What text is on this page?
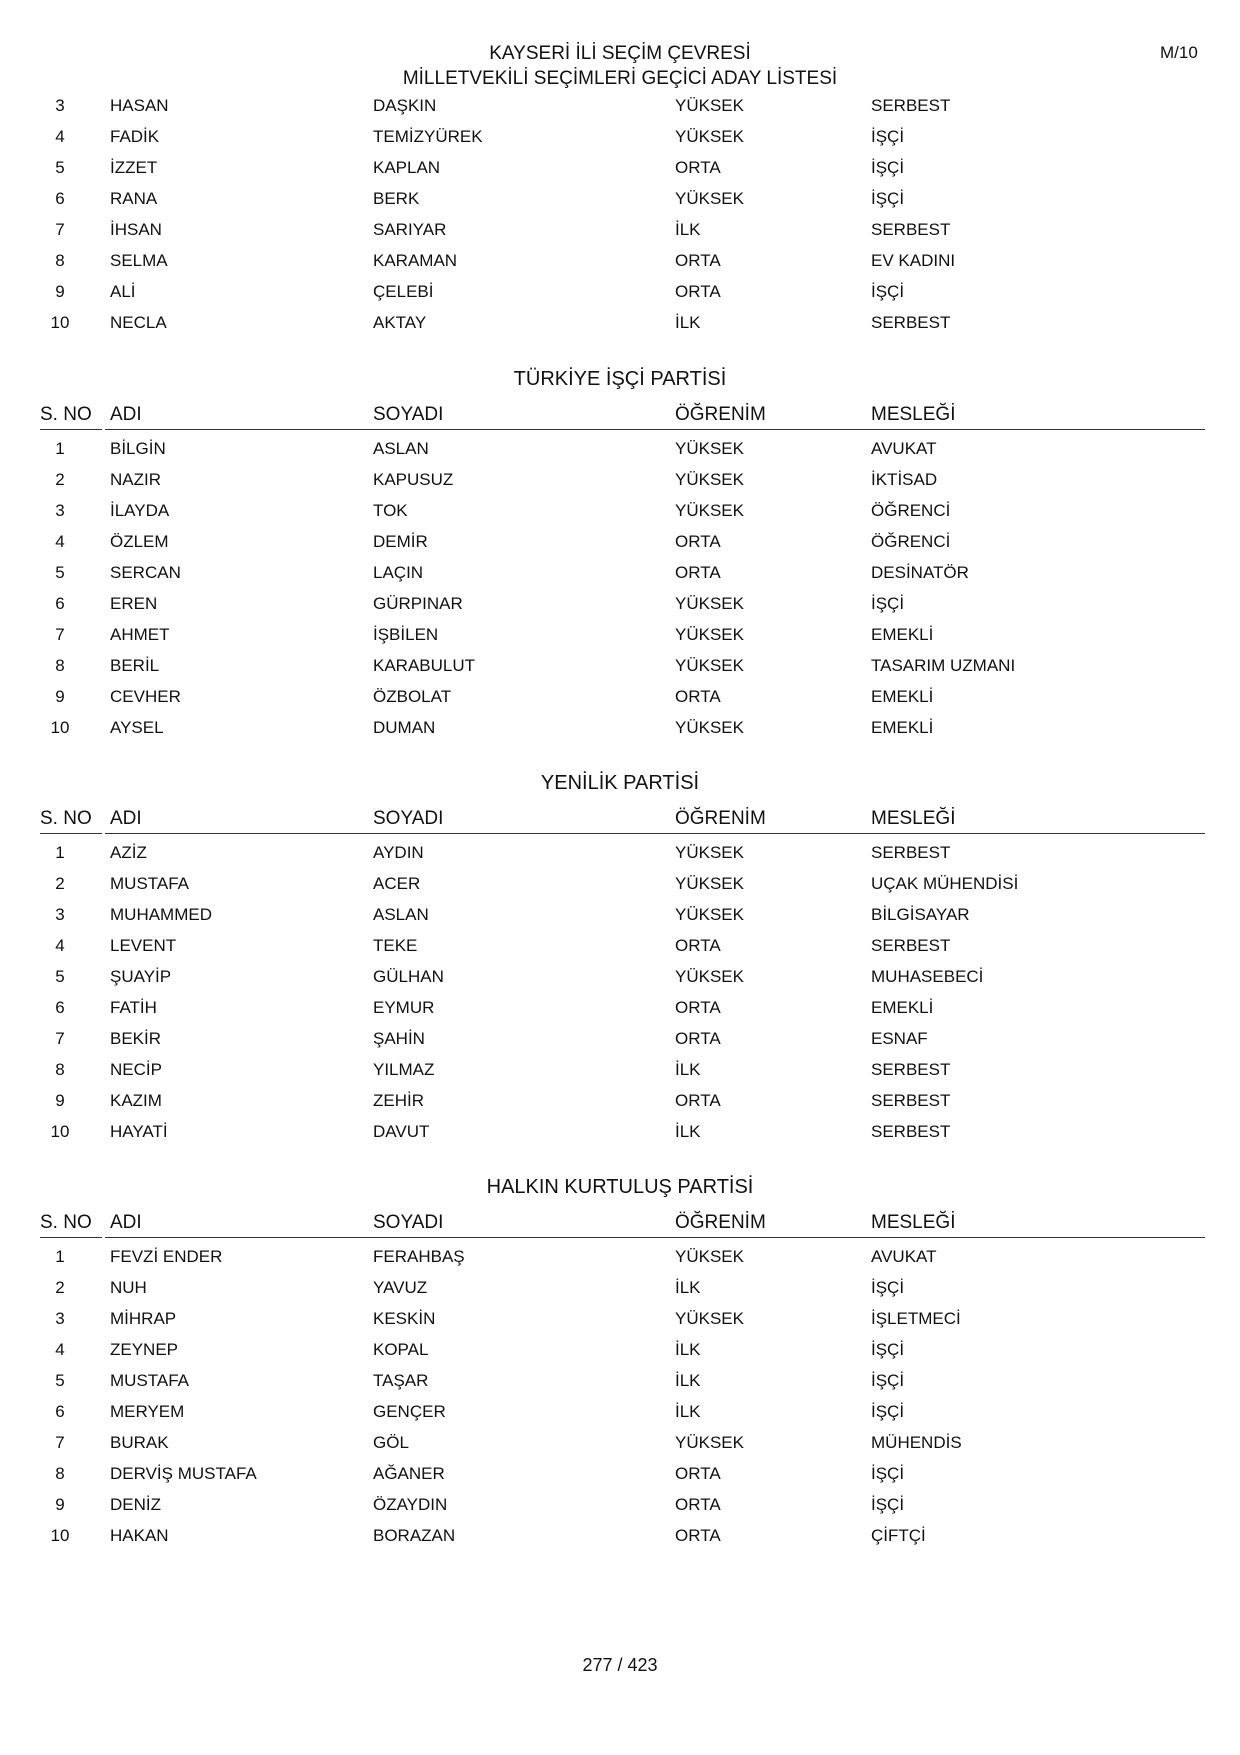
KAYSERİ İLİ SEÇİM ÇEVRESİ
MİLLETVEKİLİ SEÇİMLERİ GEÇİCİ ADAY LİSTESİ
M/10
3	HASAN	DAŞKIN	YÜKSEK	SERBEST
4	FADİK	TEMİZYÜREK	YÜKSEK	İŞÇİ
5	İZZET	KAPLAN	ORTA	İŞÇİ
6	RANA	BERK	YÜKSEK	İŞÇİ
7	İHSAN	SARIYAR	İLK	SERBEST
8	SELMA	KARAMAN	ORTA	EV KADINI
9	ALİ	ÇELEBİ	ORTA	İŞÇİ
10	NECLA	AKTAY	İLK	SERBEST
TÜRKİYE İŞÇİ PARTİSİ
S. NO ADI	SOYADI	ÖĞRENİM	MESLEĞİ
1	BİLGİN	ASLAN	YÜKSEK	AVUKAT
2	NAZIR	KAPUSUZ	YÜKSEK	İKTİSAD
3	İLAYDA	TOK	YÜKSEK	ÖĞRENCİ
4	ÖZLEM	DEMİR	ORTA	ÖĞRENCİ
5	SERCAN	LAÇIN	ORTA	DESİNATÖR
6	EREN	GÜRPINAR	YÜKSEK	İŞÇİ
7	AHMET	İŞBİLEN	YÜKSEK	EMEKLİ
8	BERİL	KARABULUT	YÜKSEK	TASARIM UZMANI
9	CEVHER	ÖZBOLAT	ORTA	EMEKLİ
10	AYSEL	DUMAN	YÜKSEK	EMEKLİ
YENİLİK PARTİSİ
S. NO ADI	SOYADI	ÖĞRENİM	MESLEĞİ
1	AZİZ	AYDIN	YÜKSEK	SERBEST
2	MUSTAFA	ACER	YÜKSEK	UÇAK MÜHENDİSİ
3	MUHAMMED	ASLAN	YÜKSEK	BİLGİSAYAR
4	LEVENT	TEKE	ORTA	SERBEST
5	ŞUAYİP	GÜLHAN	YÜKSEK	MUHASEBECİ
6	FATİH	EYMUR	ORTA	EMEKLİ
7	BEKİR	ŞAHİN	ORTA	ESNAF
8	NECİP	YILMAZ	İLK	SERBEST
9	KAZIM	ZEHİR	ORTA	SERBEST
10	HAYATİ	DAVUT	İLK	SERBEST
HALKIN KURTULUŞ PARTİSİ
S. NO ADI	SOYADI	ÖĞRENİM	MESLEĞİ
1	FEVZİ ENDER	FERAHBAŞ	YÜKSEK	AVUKAT
2	NUH	YAVUZ	İLK	İŞÇİ
3	MİHRAP	KESKİN	YÜKSEK	İŞLETMECİ
4	ZEYNEP	KOPAL	İLK	İŞÇİ
5	MUSTAFA	TAŞAR	İLK	İŞÇİ
6	MERYEM	GENÇER	İLK	İŞÇİ
7	BURAK	GÖL	YÜKSEK	MÜHENDİS
8	DERVİŞ MUSTAFA	AĞANER	ORTA	İŞÇİ
9	DENİZ	ÖZAYDIN	ORTA	İŞÇİ
10	HAKAN	BORAZAN	ORTA	ÇİFTÇİ
277 / 423
